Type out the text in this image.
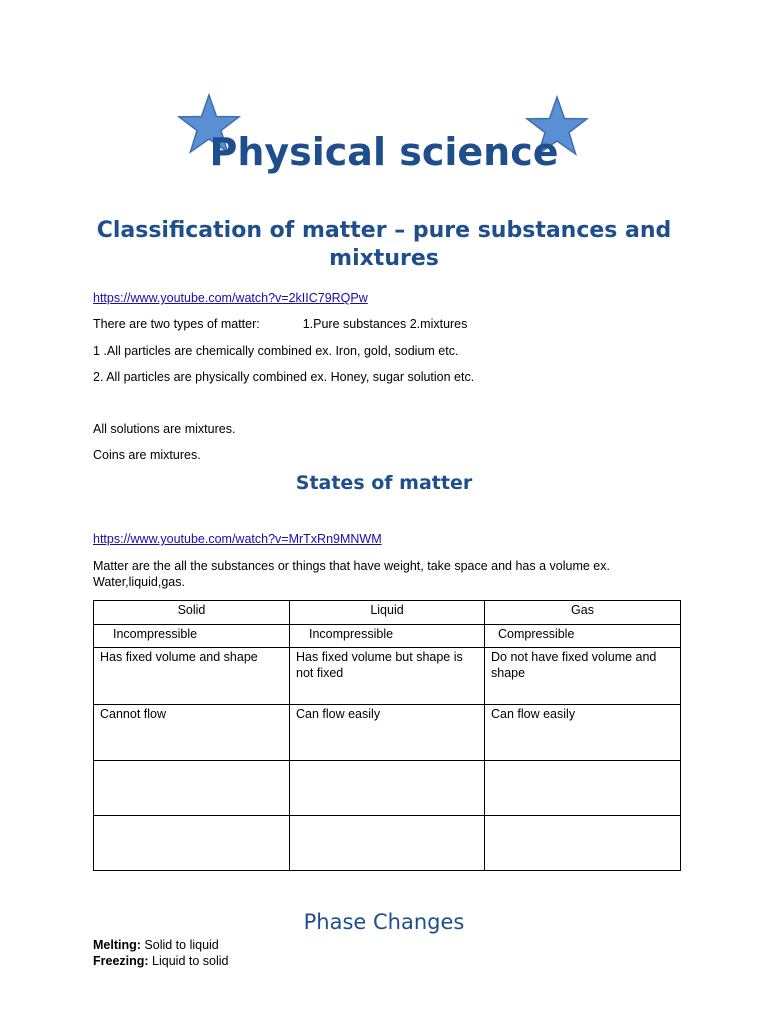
Physical science
Classification of matter – pure substances and mixtures
https://www.youtube.com/watch?v=2kIIC79RQPw
There are two types of matter:	1.Pure substances 2.mixtures
1 .All particles are chemically combined ex. Iron, gold, sodium etc.
2. All particles are physically combined ex. Honey, sugar solution etc.
All solutions are mixtures.
Coins are mixtures.
States of matter
https://www.youtube.com/watch?v=MrTxRn9MNWM
Matter are the all the substances or things that have weight, take space and has a volume ex. Water,liquid,gas.
Solid	Liquid	Gas
Incompressible	Incompressible	Compressible
Has fixed volume and shape	Has fixed volume but shape is not fixed	Do not have fixed volume and shape
Cannot flow	Can flow easily	Can flow easily

Phase Changes
Melting: Solid to liquid
Freezing: Liquid to solid
